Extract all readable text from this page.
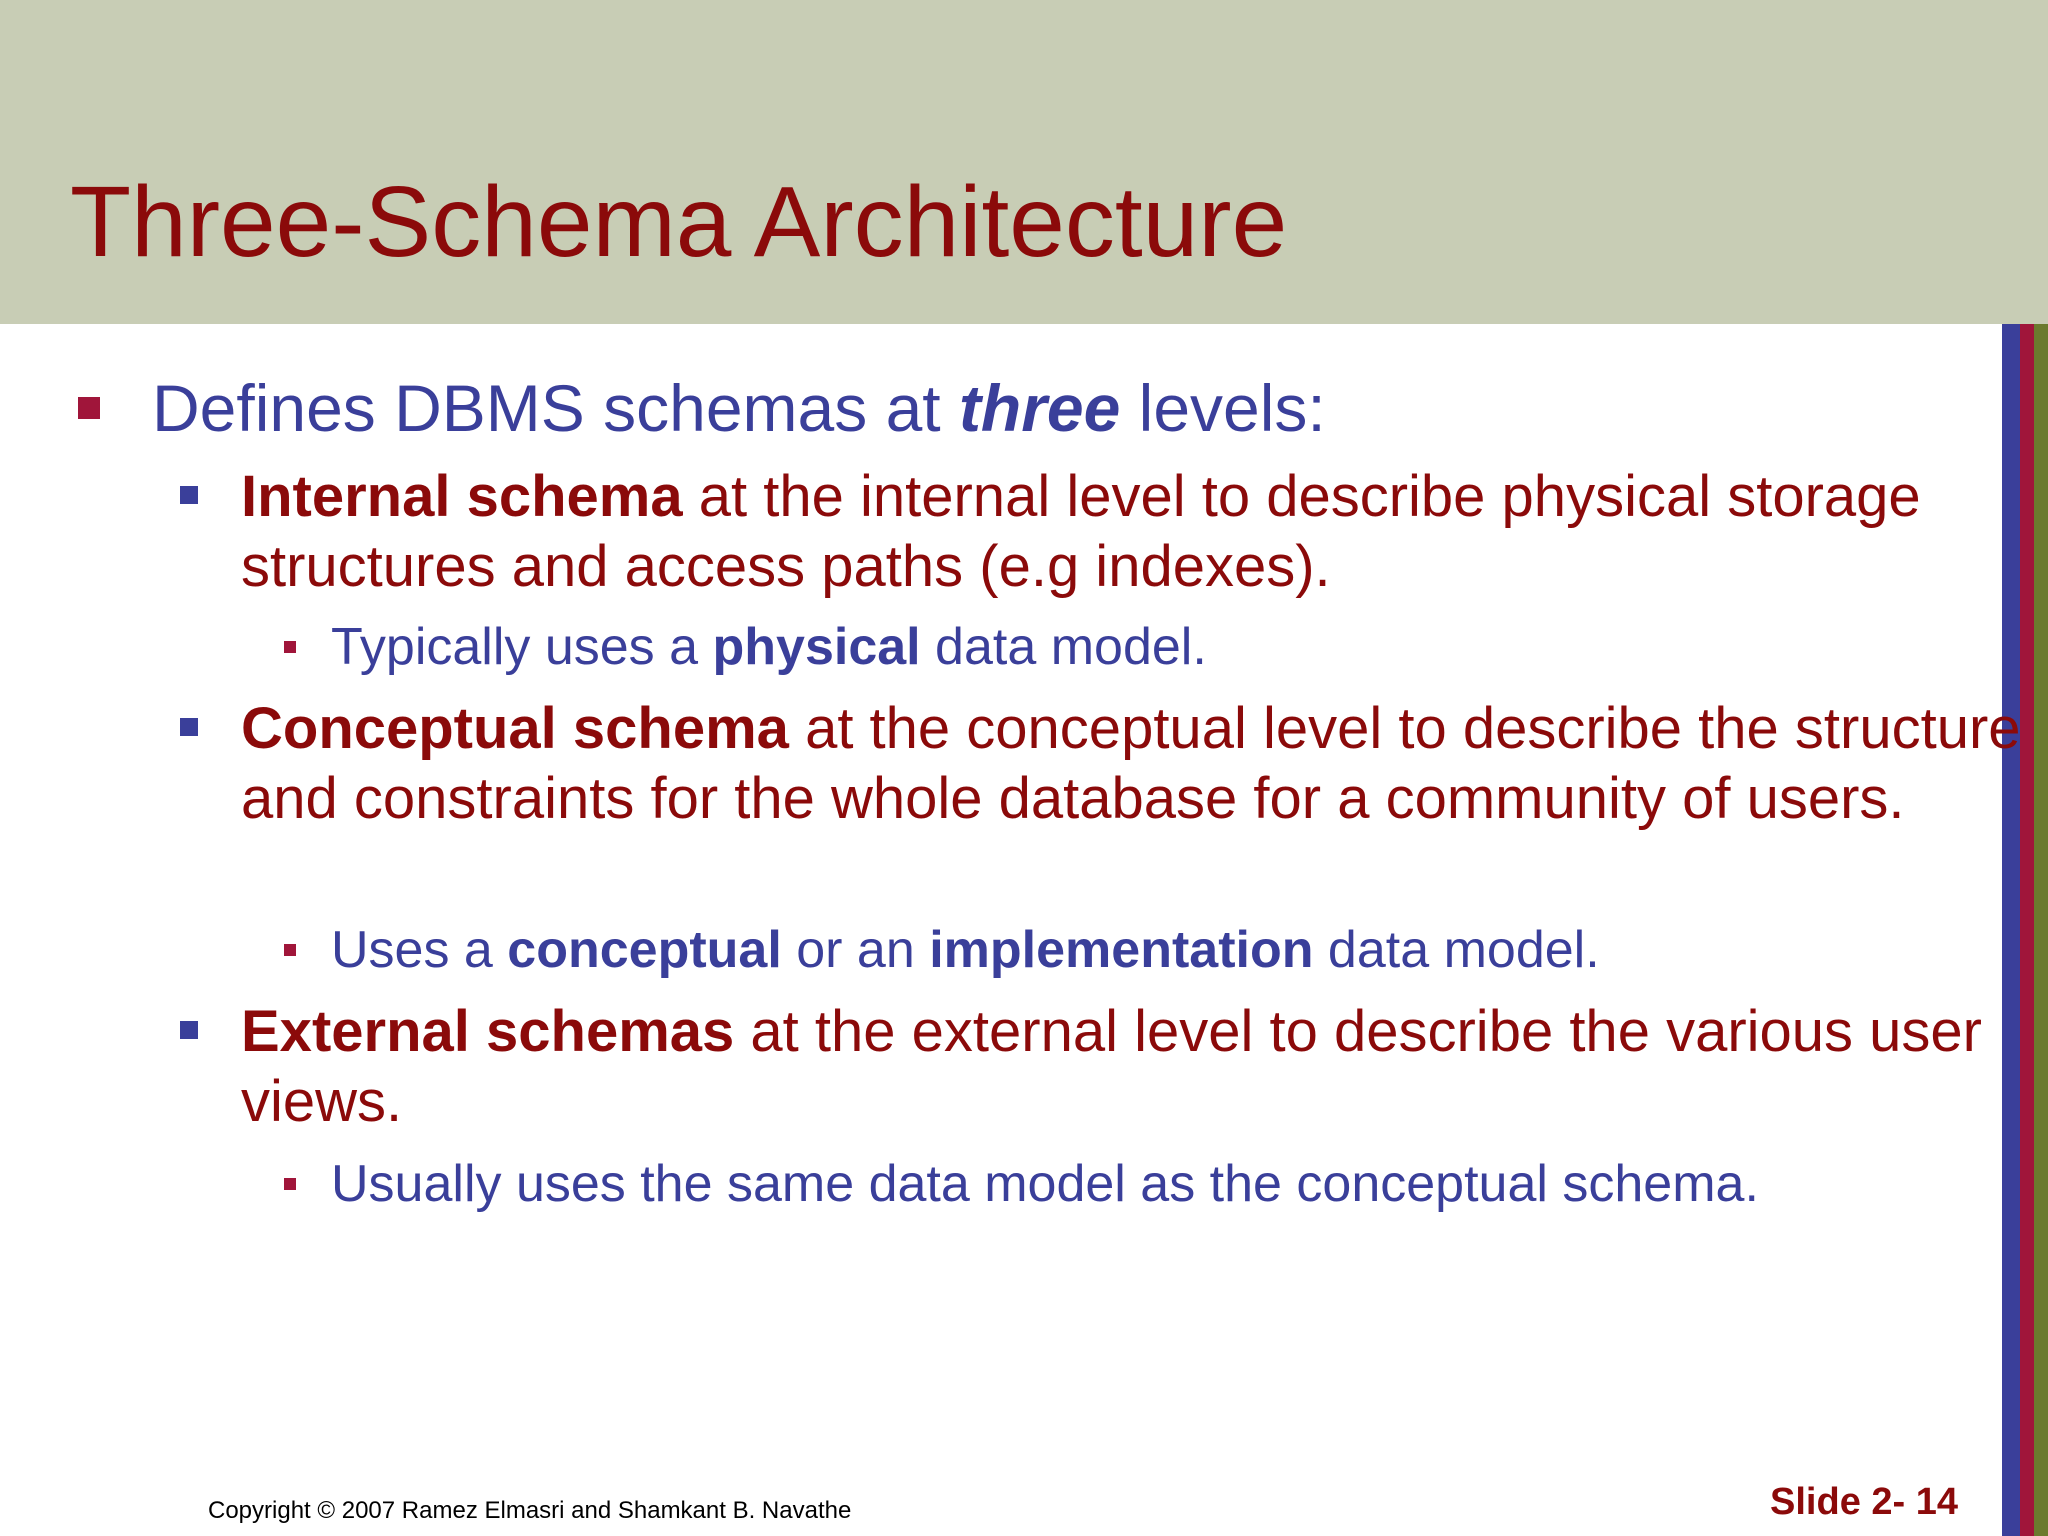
Three-Schema Architecture
Defines DBMS schemas at three levels:
Internal schema at the internal level to describe physical storage structures and access paths (e.g indexes).
Typically uses a physical data model.
Conceptual schema at the conceptual level to describe the structure and constraints for the whole database for a community of users.
Uses a conceptual or an implementation data model.
External schemas at the external level to describe the various user views.
Usually uses the same data model as the conceptual schema.
Copyright © 2007 Ramez Elmasri and Shamkant B. Navathe	Slide 2- 14
